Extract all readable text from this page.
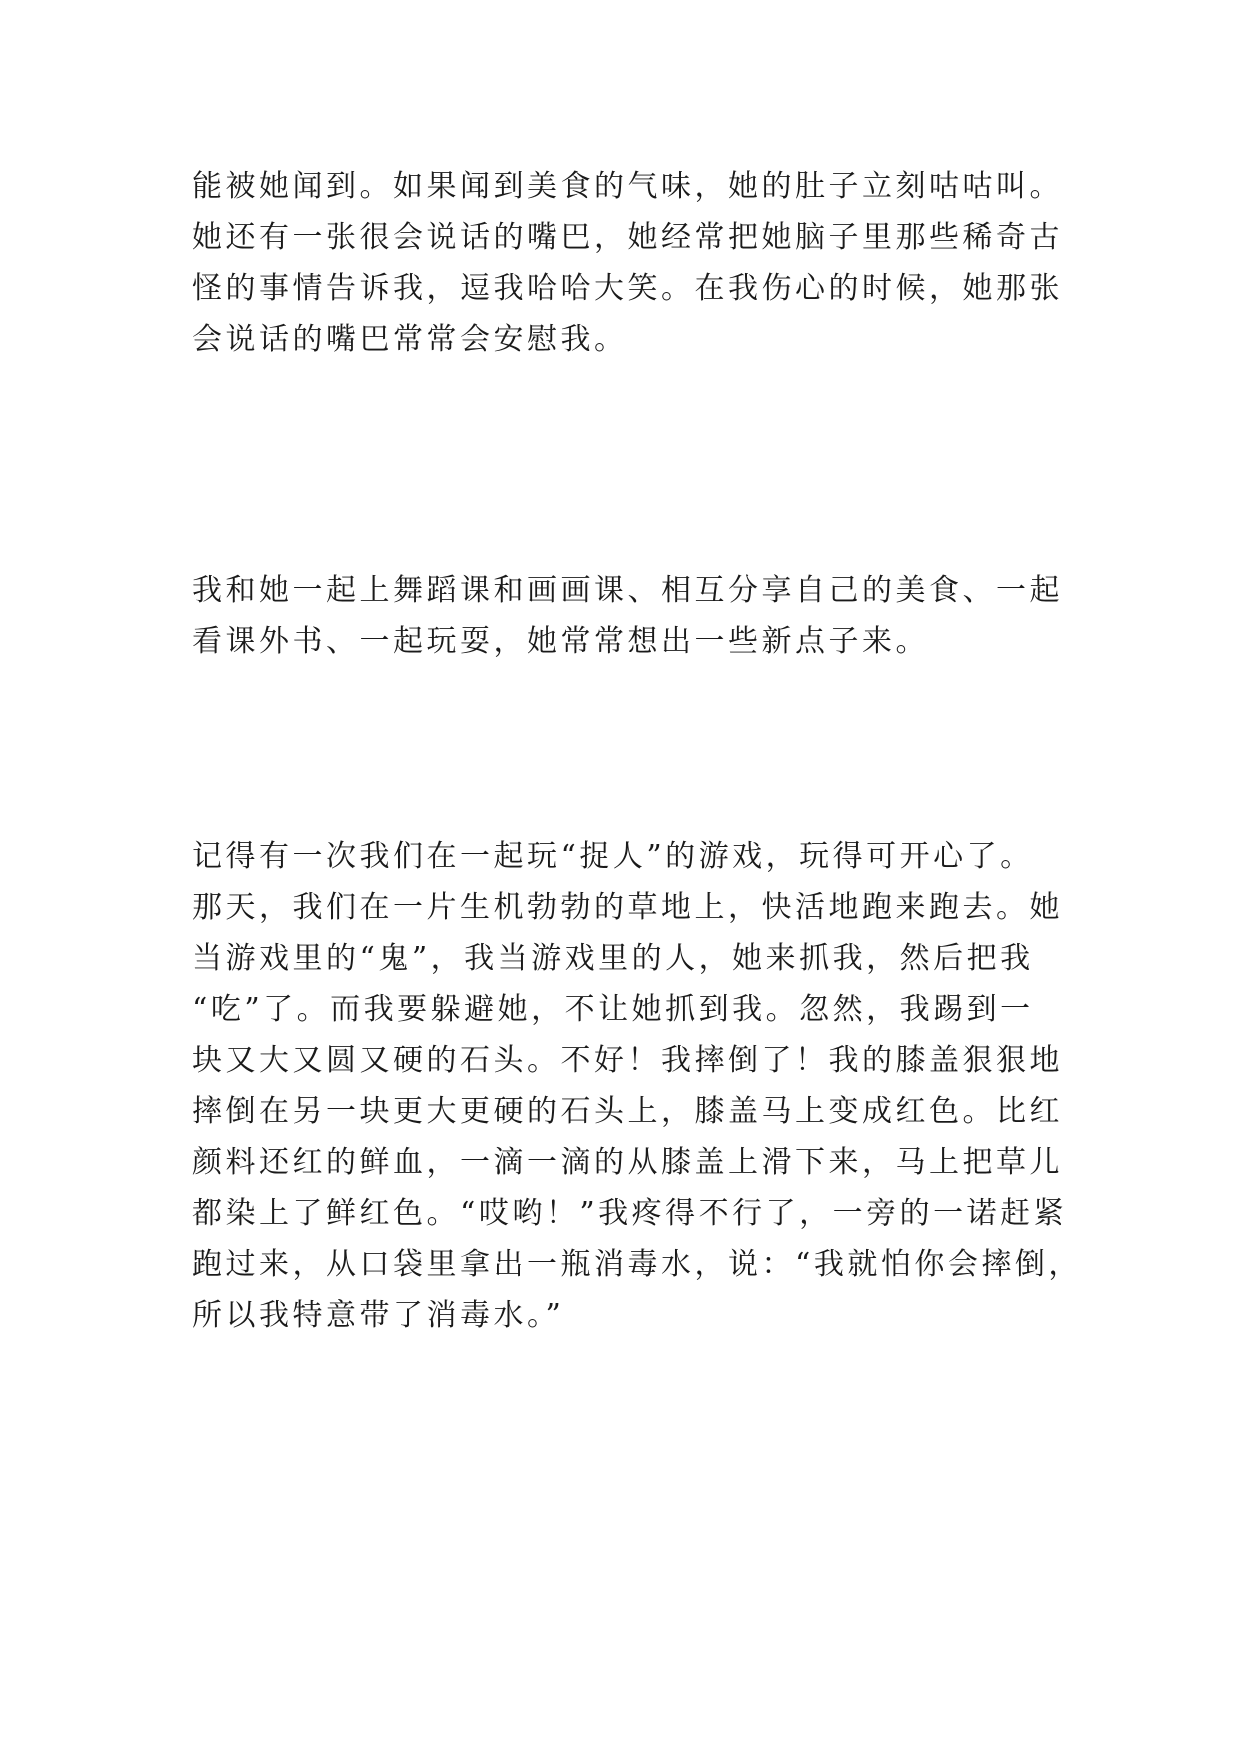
能被她闻到。如果闻到美食的气味，她的肚子立刻咕咕叫。
她还有一张很会说话的嘴巴，她经常把她脑子里那些稀奇古
怪的事情告诉我，逗我哈哈大笑。在我伤心的时候，她那张
会说话的嘴巴常常会安慰我。

我和她一起上舞蹈课和画画课、相互分享自己的美食、一起
看课外书、一起玩耍，她常常想出一些新点子来。

记得有一次我们在一起玩“捉人”的游戏，玩得可开心了。
那天，我们在一片生机勃勃的草地上，快活地跑来跑去。她
当游戏里的“鬼”，我当游戏里的人，她来抓我，然后把我
“吃”了。而我要躲避她，不让她抓到我。忽然，我踢到一
块又大又圆又硬的石头。不好！我摔倒了！我的膝盖狠狠地
摔倒在另一块更大更硬的石头上，膝盖马上变成红色。比红
颜料还红的鲜血，一滴一滴的从膝盖上滑下来，马上把草儿
都染上了鲜红色。“哎哟！”我疼得不行了，一旁的一诺赶紧
跑过来，从口袋里拿出一瓶消毒水，说：“我就怕你会摔倒，
所以我特意带了消毒水。”
